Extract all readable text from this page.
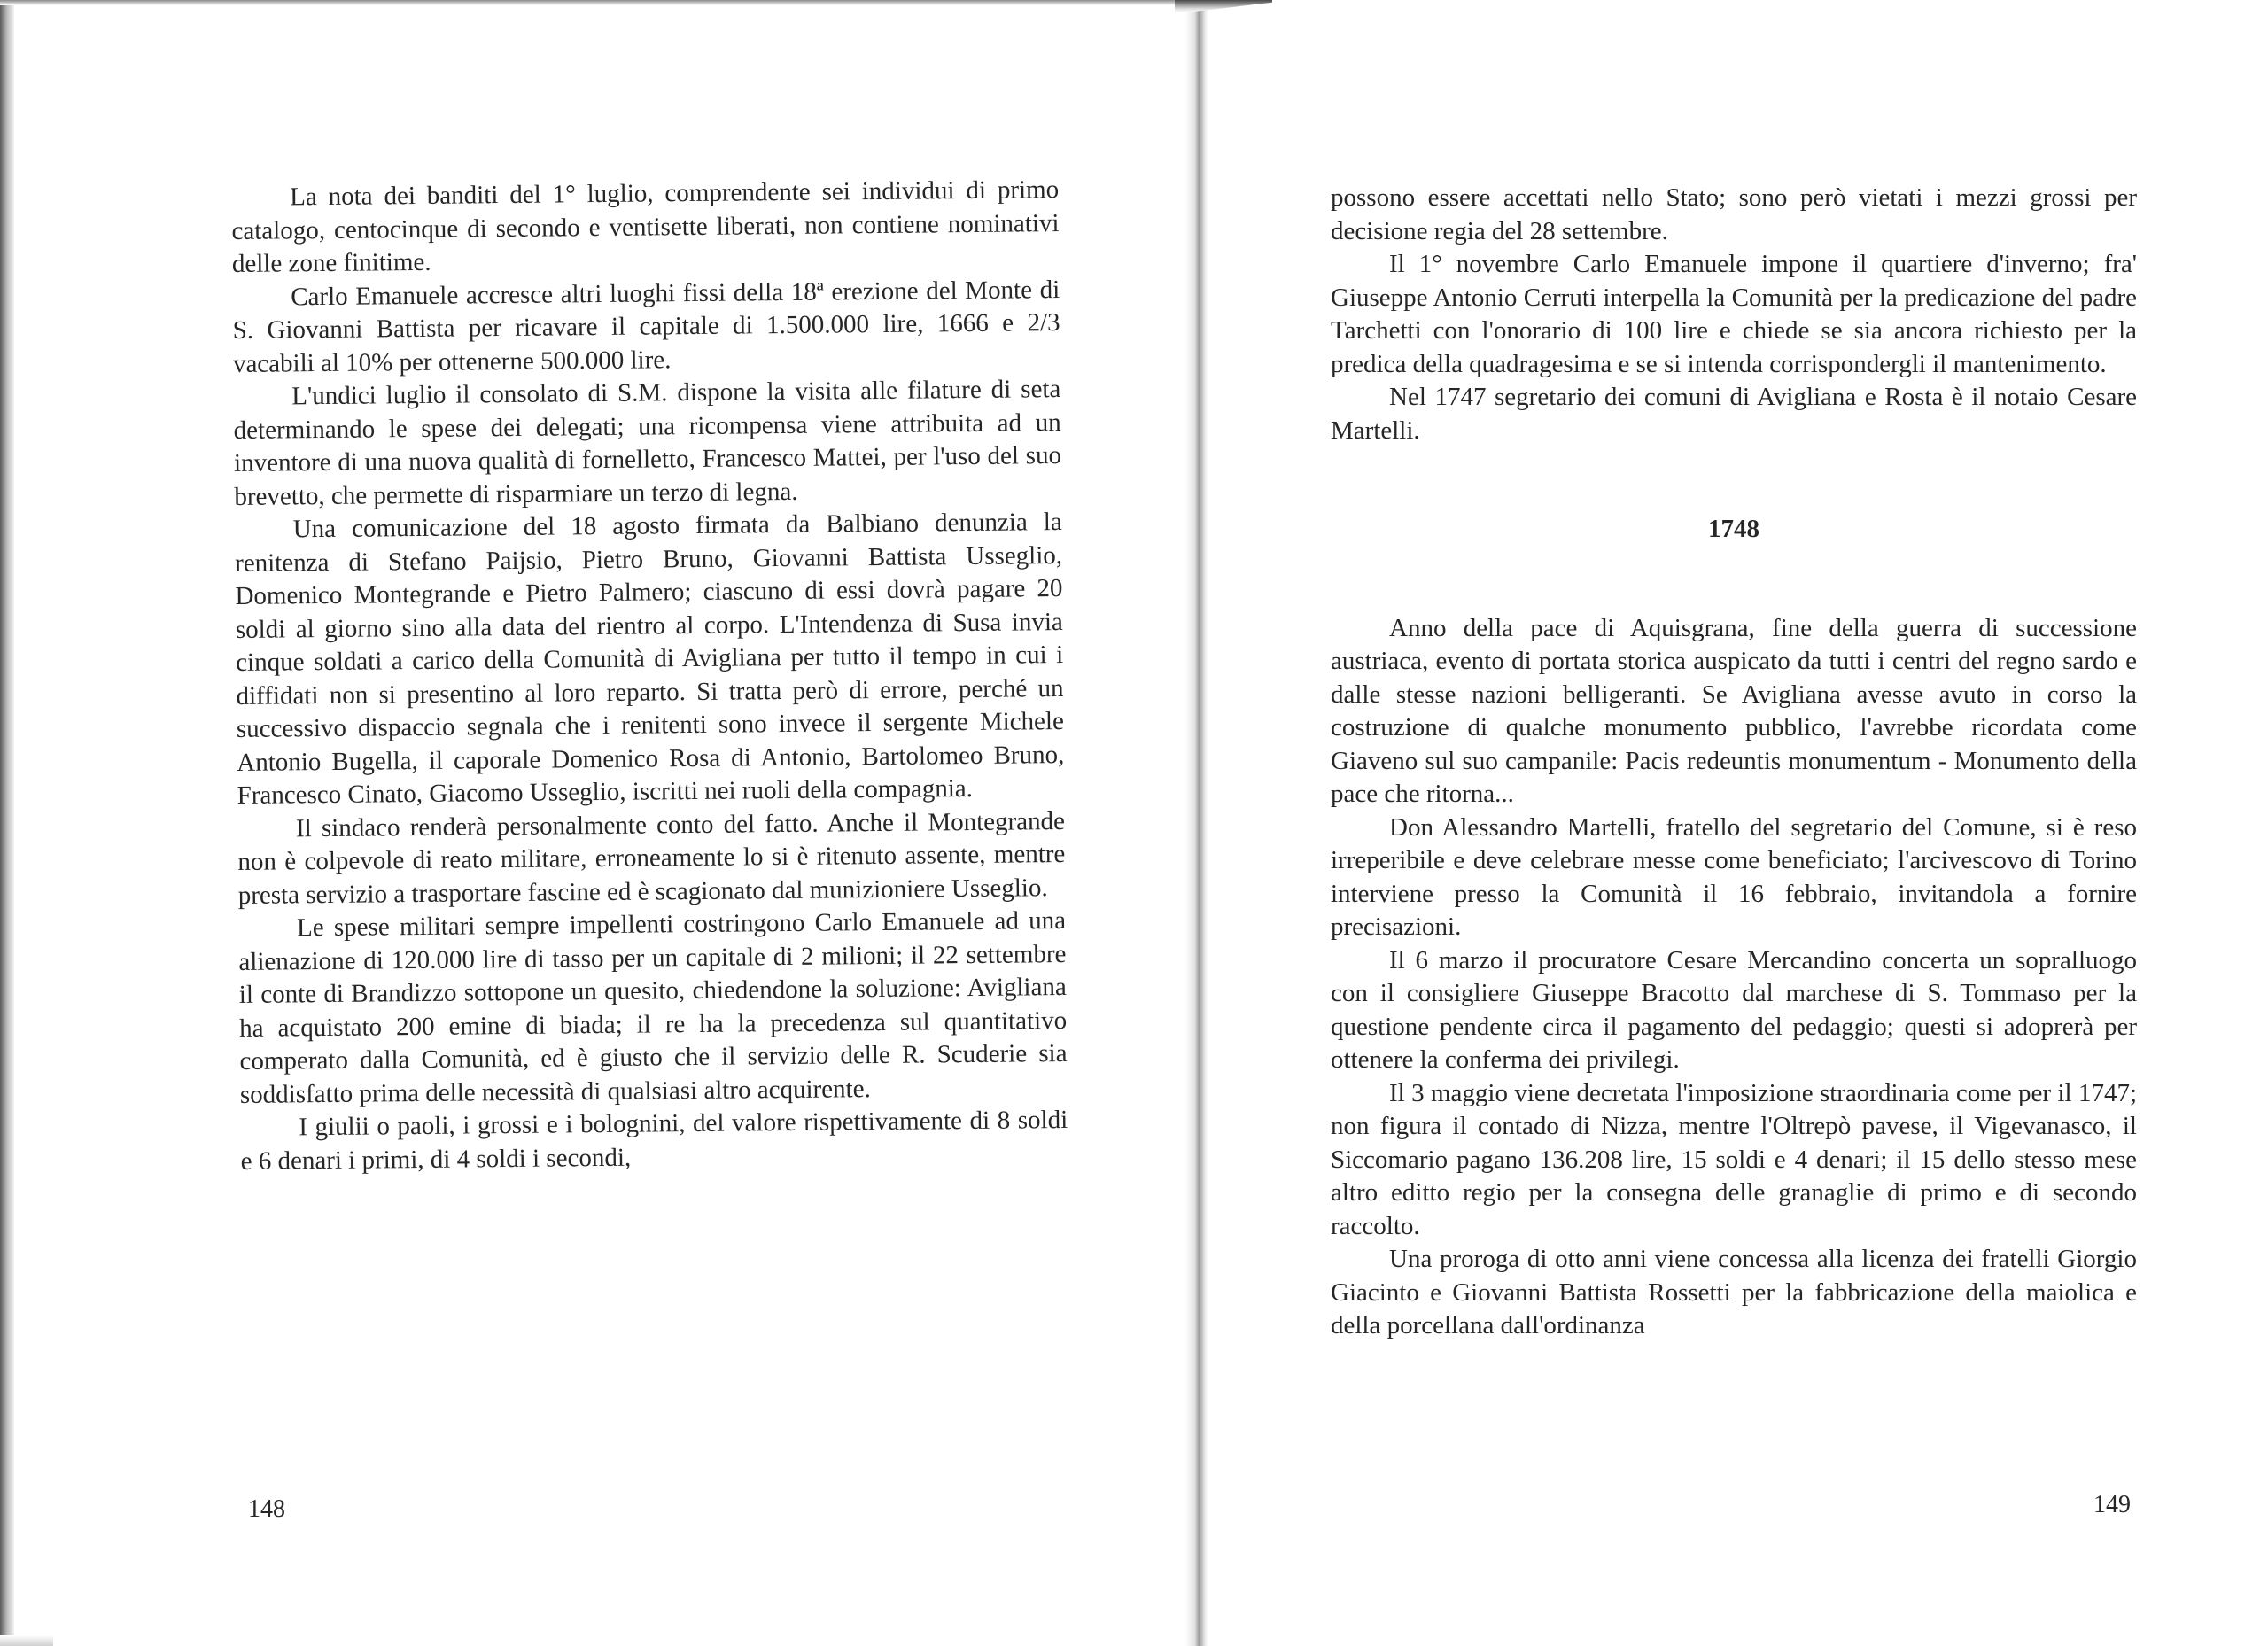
La nota dei banditi del 1° luglio, comprendente sei individui di primo catalogo, centocinque di secondo e ventisette liberati, non contiene nominativi delle zone finitime.

Carlo Emanuele accresce altri luoghi fissi della 18ª erezione del Monte di S. Giovanni Battista per ricavare il capitale di 1.500.000 lire, 1666 e 2/3 vacabili al 10% per ottenerne 500.000 lire.

L'undici luglio il consolato di S.M. dispone la visita alle filature di seta determinando le spese dei delegati; una ricompensa viene attribuita ad un inventore di una nuova qualità di fornelletto, Francesco Mattei, per l'uso del suo brevetto, che permette di risparmiare un terzo di legna.

Una comunicazione del 18 agosto firmata da Balbiano denunzia la renitenza di Stefano Paijsio, Pietro Bruno, Giovanni Battista Usseglio, Domenico Montegrande e Pietro Palmero; ciascuno di essi dovrà pagare 20 soldi al giorno sino alla data del rientro al corpo. L'Intendenza di Susa invia cinque soldati a carico della Comunità di Avigliana per tutto il tempo in cui i diffidati non si presentino al loro reparto. Si tratta però di errore, perché un successivo dispaccio segnala che i renitenti sono invece il sergente Michele Antonio Bugella, il caporale Domenico Rosa di Antonio, Bartolomeo Bruno, Francesco Cinato, Giacomo Usseglio, iscritti nei ruoli della compagnia.

Il sindaco renderà personalmente conto del fatto. Anche il Montegrande non è colpevole di reato militare, erroneamente lo si è ritenuto assente, mentre presta servizio a trasportare fascine ed è scagionato dal munizioniere Usseglio.

Le spese militari sempre impellenti costringono Carlo Emanuele ad una alienazione di 120.000 lire di tasso per un capitale di 2 milioni; il 22 settembre il conte di Brandizzo sottopone un quesito, chiedendone la soluzione: Avigliana ha acquistato 200 emine di biada; il re ha la precedenza sul quantitativo comperato dalla Comunità, ed è giusto che il servizio delle R. Scuderie sia soddisfatto prima delle necessità di qualsiasi altro acquirente.

I giulii o paoli, i grossi e i bolognini, del valore rispettivamente di 8 soldi e 6 denari i primi, di 4 soldi i secondi,

148

possono essere accettati nello Stato; sono però vietati i mezzi grossi per decisione regia del 28 settembre.

Il 1° novembre Carlo Emanuele impone il quartiere d'inverno; fra' Giuseppe Antonio Cerruti interpella la Comunità per la predicazione del padre Tarchetti con l'onorario di 100 lire e chiede se sia ancora richiesto per la predica della quadragesima e se si intenda corrispondergli il mantenimento.

Nel 1747 segretario dei comuni di Avigliana e Rosta è il notaio Cesare Martelli.

1748

Anno della pace di Aquisgrana, fine della guerra di successione austriaca, evento di portata storica auspicato da tutti i centri del regno sardo e dalle stesse nazioni belligeranti. Se Avigliana avesse avuto in corso la costruzione di qualche monumento pubblico, l'avrebbe ricordata come Giaveno sul suo campanile: Pacis redeuntis monumentum - Monumento della pace che ritorna...

Don Alessandro Martelli, fratello del segretario del Comune, si è reso irreperibile e deve celebrare messe come beneficiato; l'arcivescovo di Torino interviene presso la Comunità il 16 febbraio, invitandola a fornire precisazioni.

Il 6 marzo il procuratore Cesare Mercandino concerta un sopralluogo con il consigliere Giuseppe Bracotto dal marchese di S. Tommaso per la questione pendente circa il pagamento del pedaggio; questi si adoprerà per ottenere la conferma dei privilegi.

Il 3 maggio viene decretata l'imposizione straordinaria come per il 1747; non figura il contado di Nizza, mentre l'Oltrepò pavese, il Vigevanasco, il Siccomario pagano 136.208 lire, 15 soldi e 4 denari; il 15 dello stesso mese altro editto regio per la consegna delle granaglie di primo e di secondo raccolto.

Una proroga di otto anni viene concessa alla licenza dei fratelli Giorgio Giacinto e Giovanni Battista Rossetti per la fabbricazione della maiolica e della porcellana dall'ordinanza

149
